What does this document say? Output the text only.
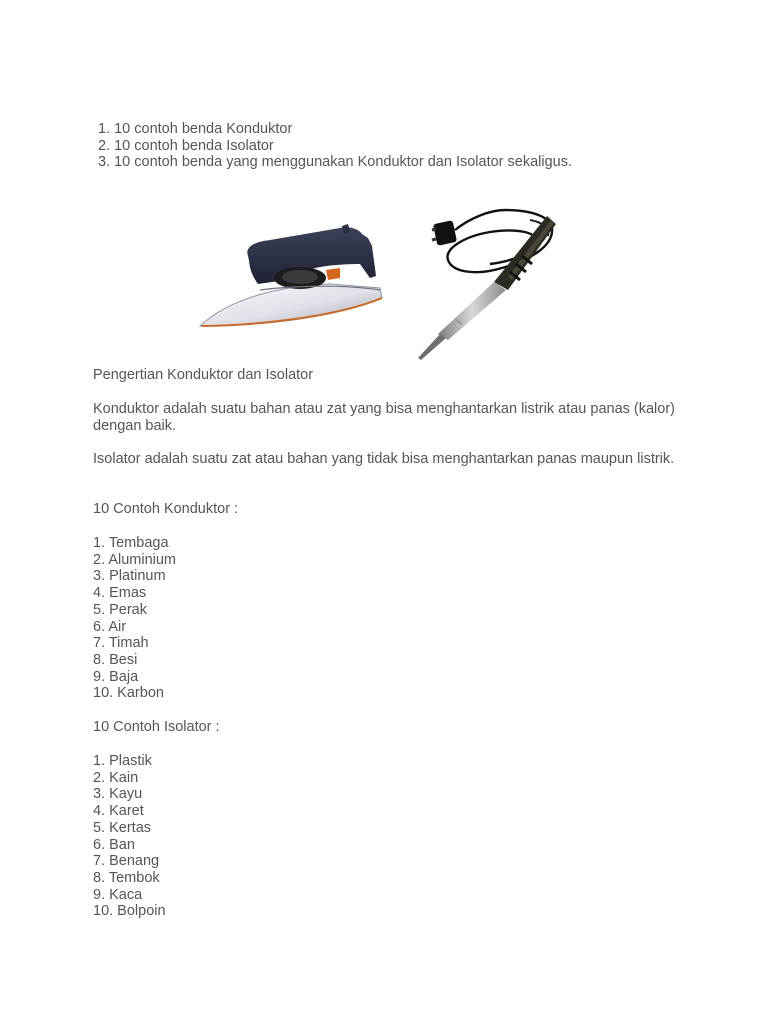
1. 10 contoh benda Konduktor
2. 10 contoh benda Isolator
3. 10 contoh benda yang menggunakan Konduktor dan Isolator sekaligus.

Pengertian Konduktor dan Isolator

Konduktor adalah suatu bahan atau zat yang bisa menghantarkan listrik atau panas (kalor) dengan baik.

Isolator adalah suatu zat atau bahan yang tidak bisa menghantarkan panas maupun listrik.

10 Contoh Konduktor :

1. Tembaga
2. Aluminium
3. Platinum
4. Emas
5. Perak
6. Air
7. Timah
8. Besi
9. Baja
10. Karbon

10 Contoh Isolator :

1. Plastik
2. Kain
3. Kayu
4. Karet
5. Kertas
6. Ban
7. Benang
8. Tembok
9. Kaca
10. Bolpoin
